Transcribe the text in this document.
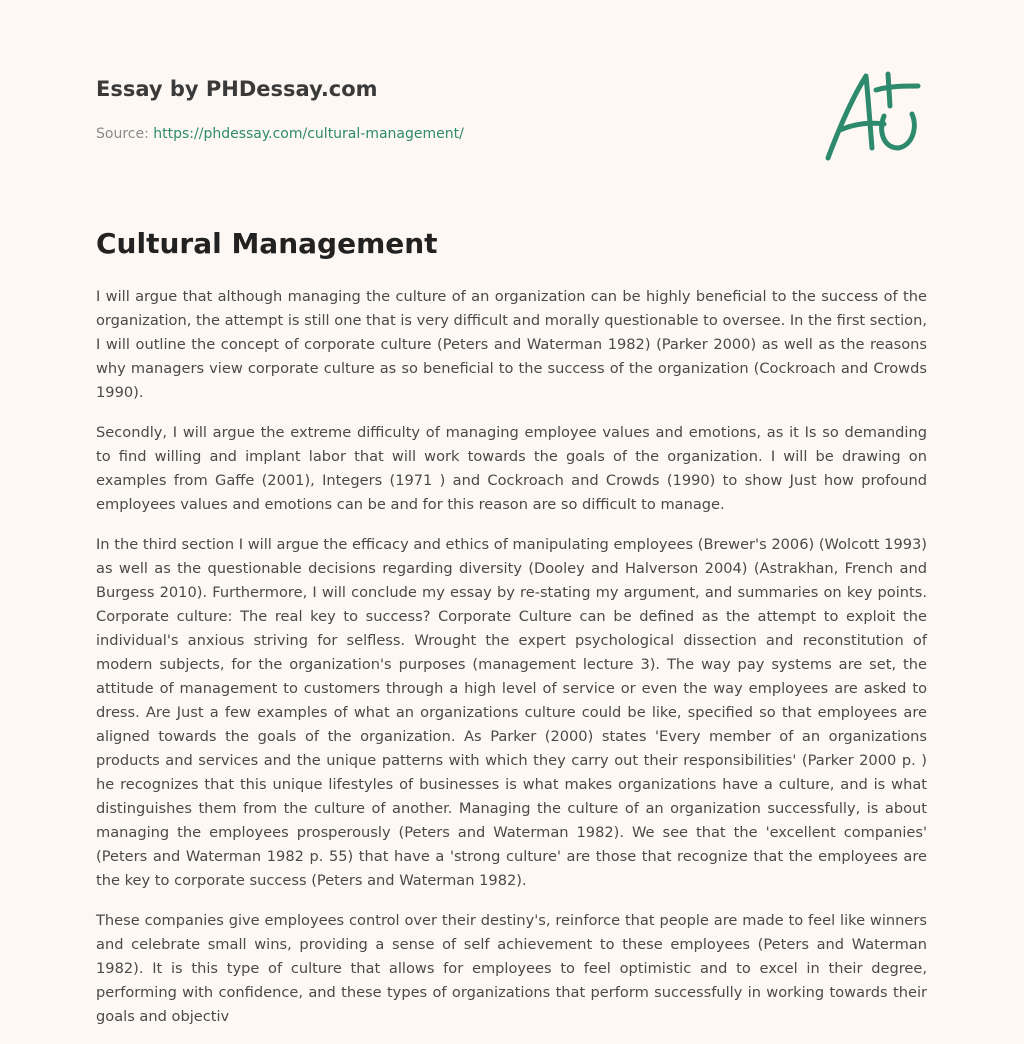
Essay by PHDessay.com
Source: https://phdessay.com/cultural-management/
Cultural Management

I will argue that although managing the culture of an organization can be highly beneficial to the success of the organization, the attempt is still one that is very difficult and morally questionable to oversee. In the first section, I will outline the concept of corporate culture (Peters and Waterman 1982) (Parker 2000) as well as the reasons why managers view corporate culture as so beneficial to the success of the organization (Cockroach and Crowds 1990).

Secondly, I will argue the extreme difficulty of managing employee values and emotions, as it Is so demanding to find willing and implant labor that will work towards the goals of the organization. I will be drawing on examples from Gaffe (2001), Integers (1971 ) and Cockroach and Crowds (1990) to show Just how profound employees values and emotions can be and for this reason are so difficult to manage.

In the third section I will argue the efficacy and ethics of manipulating employees (Brewer's 2006) (Wolcott 1993) as well as the questionable decisions regarding diversity (Dooley and Halverson 2004) (Astrakhan, French and Burgess 2010). Furthermore, I will conclude my essay by re-stating my argument, and summaries on key points. Corporate culture: The real key to success? Corporate Culture can be defined as the attempt to exploit the individual's anxious striving for selfless. Wrought the expert psychological dissection and reconstitution of modern subjects, for the organization's purposes (management lecture 3). The way pay systems are set, the attitude of management to customers through a high level of service or even the way employees are asked to dress. Are Just a few examples of what an organizations culture could be like, specified so that employees are aligned towards the goals of the organization. As Parker (2000) states 'Every member of an organizations products and services and the unique patterns with which they carry out their responsibilities' (Parker 2000 p. ) he recognizes that this unique lifestyles of businesses is what makes organizations have a culture, and is what distinguishes them from the culture of another. Managing the culture of an organization successfully, is about managing the employees prosperously (Peters and Waterman 1982). We see that the 'excellent companies' (Peters and Waterman 1982 p. 55) that have a 'strong culture' are those that recognize that the employees are the key to corporate success (Peters and Waterman 1982).

These companies give employees control over their destiny's, reinforce that people are made to feel like winners and celebrate small wins, providing a sense of self achievement to these employees (Peters and Waterman 1982). It is this type of culture that allows for employees to feel optimistic and to excel in their degree, performing with confidence, and these types of organizations that perform successfully in working towards their goals and objectiv
